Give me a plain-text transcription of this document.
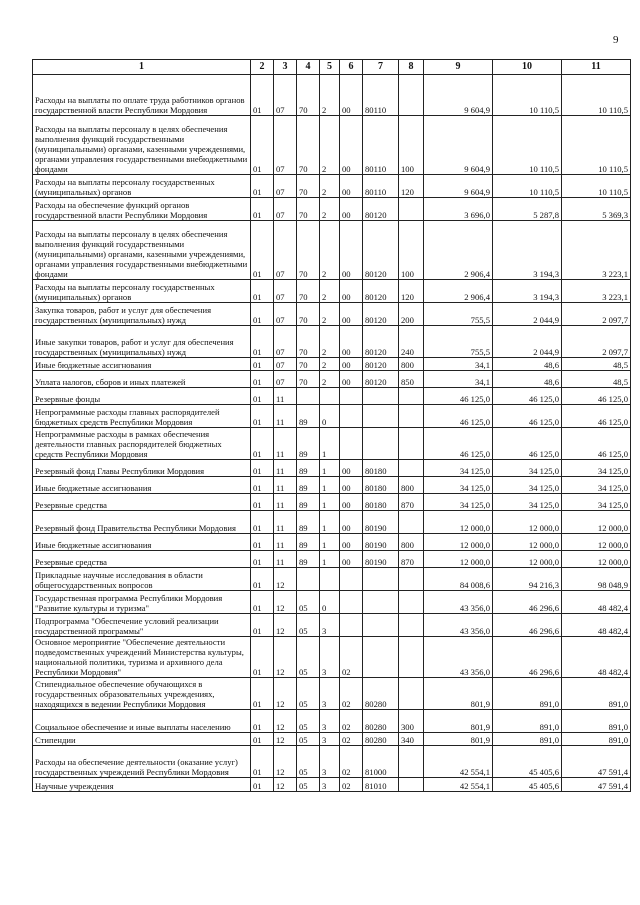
9
1	2	3	4	5	6	7	8	9	10	11
Расходы на выплаты по оплате труда работников органов государственной власти Республики Мордовия	01	07	70	2	00	80110		9 604,9	10 110,5	10 110,5
Расходы на выплаты персоналу в целях обеспечения выполнения функций государственными (муниципальными) органами, казенными учреждениями, органами управления государственными внебюджетными фондами	01	07	70	2	00	80110	100	9 604,9	10 110,5	10 110,5
Расходы на выплаты персоналу государственных (муниципальных) органов	01	07	70	2	00	80110	120	9 604,9	10 110,5	10 110,5
Расходы на обеспечение функций органов государственной власти Республики Мордовия	01	07	70	2	00	80120		3 696,0	5 287,8	5 369,3
Расходы на выплаты персоналу в целях обеспечения выполнения функций государственными (муниципальными) органами, казенными учреждениями, органами управления государственными внебюджетными фондами	01	07	70	2	00	80120	100	2 906,4	3 194,3	3 223,1
Расходы на выплаты персоналу государственных (муниципальных) органов	01	07	70	2	00	80120	120	2 906,4	3 194,3	3 223,1
Закупка товаров, работ и услуг для обеспечения государственных (муниципальных) нужд	01	07	70	2	00	80120	200	755,5	2 044,9	2 097,7
Иные закупки товаров, работ и услуг для обеспечения государственных (муниципальных) нужд	01	07	70	2	00	80120	240	755,5	2 044,9	2 097,7
Иные бюджетные ассигнования	01	07	70	2	00	80120	800	34,1	48,6	48,5
Уплата налогов, сборов и иных платежей	01	07	70	2	00	80120	850	34,1	48,6	48,5
Резервные фонды	01	11						46 125,0	46 125,0	46 125,0
Непрограммные расходы главных распорядителей бюджетных средств Республики Мордовия	01	11	89	0				46 125,0	46 125,0	46 125,0
Непрограммные расходы в рамках обеспечения деятельности главных распорядителей бюджетных средств Республики Мордовия	01	11	89	1				46 125,0	46 125,0	46 125,0
Резервный фонд Главы Республики Мордовия	01	11	89	1	00	80180		34 125,0	34 125,0	34 125,0
Иные бюджетные ассигнования	01	11	89	1	00	80180	800	34 125,0	34 125,0	34 125,0
Резервные средства	01	11	89	1	00	80180	870	34 125,0	34 125,0	34 125,0
Резервный фонд Правительства Республики Мордовия	01	11	89	1	00	80190		12 000,0	12 000,0	12 000,0
Иные бюджетные ассигнования	01	11	89	1	00	80190	800	12 000,0	12 000,0	12 000,0
Резервные средства	01	11	89	1	00	80190	870	12 000,0	12 000,0	12 000,0
Прикладные научные исследования в области общегосударственных вопросов	01	12						84 008,6	94 216,3	98 048,9
Государственная программа Республики Мордовия "Развитие культуры и туризма"	01	12	05	0				43 356,0	46 296,6	48 482,4
Подпрограмма "Обеспечение условий реализации государственной программы"	01	12	05	3				43 356,0	46 296,6	48 482,4
Основное мероприятие "Обеспечение деятельности подведомственных учреждений Министерства культуры, национальной политики, туризма и архивного дела Республики Мордовия"	01	12	05	3	02			43 356,0	46 296,6	48 482,4
Стипендиальное обеспечение обучающихся в государственных образовательных учреждениях, находящихся в ведении Республики Мордовия	01	12	05	3	02	80280		801,9	891,0	891,0
Социальное обеспечение и иные выплаты населению	01	12	05	3	02	80280	300	801,9	891,0	891,0
Стипендии	01	12	05	3	02	80280	340	801,9	891,0	891,0
Расходы на обеспечение деятельности (оказание услуг) государственных учреждений Республики Мордовия	01	12	05	3	02	81000		42 554,1	45 405,6	47 591,4
Научные учреждения	01	12	05	3	02	81010		42 554,1	45 405,6	47 591,4
